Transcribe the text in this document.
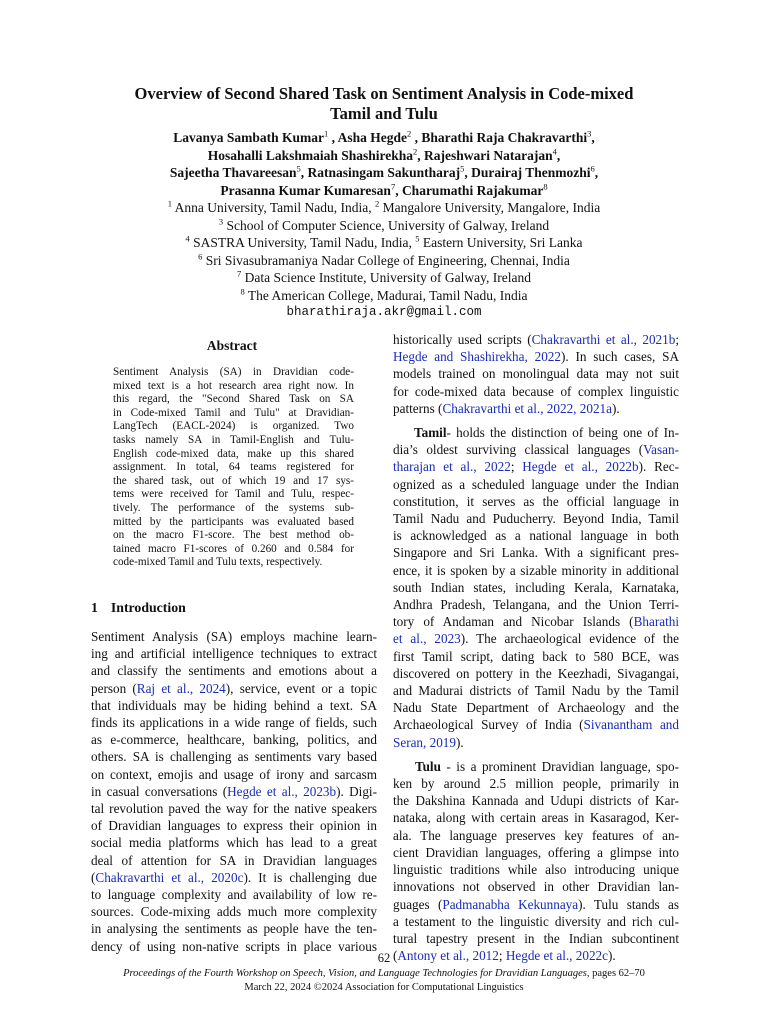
Overview of Second Shared Task on Sentiment Analysis in Code-mixed
Tamil and Tulu
Lavanya Sambath Kumar$^1$ , Asha Hegde$^2$ , Bharathi Raja Chakravarthi$^3$,
Hosahalli Lakshmaiah Shashirekha$^2$, Rajeshwari Natarajan$^4$,
Sajeetha Thavareesan$^5$, Ratnasingam Sakuntharaj$^5$, Durairaj Thenmozhi$^6$,
Prasanna Kumar Kumaresan$^7$, Charumathi Rajakumar$^8$
$^1$ Anna University, Tamil Nadu, India, $^2$ Mangalore University, Mangalore, India
$^3$ School of Computer Science, University of Galway, Ireland
$^4$ SASTRA University, Tamil Nadu, India, $^5$ Eastern University, Sri Lanka
$^6$ Sri Sivasubramaniya Nadar College of Engineering, Chennai, India
$^7$ Data Science Institute, University of Galway, Ireland
$^8$ The American College, Madurai, Tamil Nadu, India
bharathiraja.akr@gmail.com
Abstract
Sentiment Analysis (SA) in Dravidian code-
mixed text is a hot research area right now. In
this regard, the "Second Shared Task on SA
in Code-mixed Tamil and Tulu" at Dravidian-
LangTech (EACL-2024) is organized. Two
tasks namely SA in Tamil-English and Tulu-
English code-mixed data, make up this shared
assignment. In total, 64 teams registered for
the shared task, out of which 19 and 17 sys-
tems were received for Tamil and Tulu, respec-
tively. The performance of the systems sub-
mitted by the participants was evaluated based
on the macro F1-score. The best method ob-
tained macro F1-scores of 0.260 and 0.584 for
code-mixed Tamil and Tulu texts, respectively.
1 Introduction
Sentiment Analysis (SA) employs machine learn-
ing and artificial intelligence techniques to extract
and classify the sentiments and emotions about a
person (Raj et al., 2024), service, event or a topic
that individuals may be hiding behind a text. SA
finds its applications in a wide range of fields, such
as e-commerce, healthcare, banking, politics, and
others. SA is challenging as sentiments vary based
on context, emojis and usage of irony and sarcasm
in casual conversations (Hegde et al., 2023b). Digi-
tal revolution paved the way for the native speakers
of Dravidian languages to express their opinion in
social media platforms which has lead to a great
deal of attention for SA in Dravidian languages
(Chakravarthi et al., 2020c). It is challenging due
to language complexity and availability of low re-
sources. Code-mixing adds much more complexity
in analysing the sentiments as people have the ten-
dency of using non-native scripts in place various
historically used scripts (Chakravarthi et al., 2021b;
Hegde and Shashirekha, 2022). In such cases, SA
models trained on monolingual data may not suit
for code-mixed data because of complex linguistic
patterns (Chakravarthi et al., 2022, 2021a).
Tamil- holds the distinction of being one of In-
dia’s oldest surviving classical languages (Vasan-
tharajan et al., 2022; Hegde et al., 2022b). Rec-
ognized as a scheduled language under the Indian
constitution, it serves as the official language in
Tamil Nadu and Puducherry. Beyond India, Tamil
is acknowledged as a national language in both
Singapore and Sri Lanka. With a significant pres-
ence, it is spoken by a sizable minority in additional
south Indian states, including Kerala, Karnataka,
Andhra Pradesh, Telangana, and the Union Terri-
tory of Andaman and Nicobar Islands (Bharathi
et al., 2023). The archaeological evidence of the
first Tamil script, dating back to 580 BCE, was
discovered on pottery in the Keezhadi, Sivagangai,
and Madurai districts of Tamil Nadu by the Tamil
Nadu State Department of Archaeology and the
Archaeological Survey of India (Sivanantham and
Seran, 2019).
Tulu - is a prominent Dravidian language, spo-
ken by around 2.5 million people, primarily in
the Dakshina Kannada and Udupi districts of Kar-
nataka, along with certain areas in Kasaragod, Ker-
ala. The language preserves key features of an-
cient Dravidian languages, offering a glimpse into
linguistic traditions while also introducing unique
innovations not observed in other Dravidian lan-
guages (Padmanabha Kekunnaya). Tulu stands as
a testament to the linguistic diversity and rich cul-
tural tapestry present in the Indian subcontinent
(Antony et al., 2012; Hegde et al., 2022c).
62
Proceedings of the Fourth Workshop on Speech, Vision, and Language Technologies for Dravidian Languages, pages 62–70
March 22, 2024 ©2024 Association for Computational Linguistics
